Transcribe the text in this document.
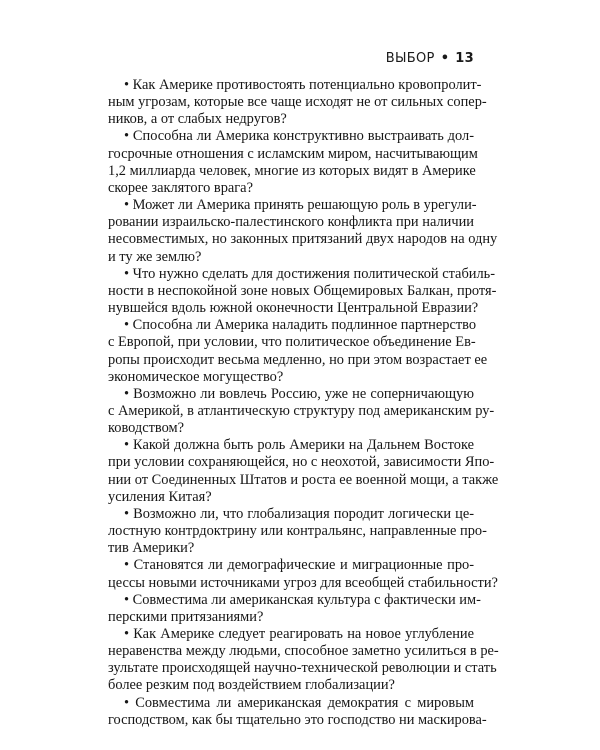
ВЫБОР • 13
• Как Америке противостоять потенциально кровопролит-
ным угрозам, которые все чаще исходят не от сильных сопер-
ников, а от слабых недругов?
• Способна ли Америка конструктивно выстраивать дол-
госрочные отношения с исламским миром, насчитывающим
1,2 миллиарда человек, многие из которых видят в Америке
скорее заклятого врага?
• Может ли Америка принять решающую роль в урегули-
ровании израильско-палестинского конфликта при наличии
несовместимых, но законных притязаний двух народов на одну
и ту же землю?
• Что нужно сделать для достижения политической стабиль-
ности в неспокойной зоне новых Общемировых Балкан, протя-
нувшейся вдоль южной оконечности Центральной Евразии?
• Способна ли Америка наладить подлинное партнерство
с Европой, при условии, что политическое объединение Ев-
ропы происходит весьма медленно, но при этом возрастает ее
экономическое могущество?
• Возможно ли вовлечь Россию, уже не соперничающую
с Америкой, в атлантическую структуру под американским ру-
ководством?
• Какой должна быть роль Америки на Дальнем Востоке
при условии сохраняющейся, но с неохотой, зависимости Япо-
нии от Соединенных Штатов и роста ее военной мощи, а также
усиления Китая?
• Возможно ли, что глобализация породит логически це-
лостную контрдоктрину или контральянс, направленные про-
тив Америки?
• Становятся ли демографические и миграционные про-
цессы новыми источниками угроз для всеобщей стабильности?
• Совместима ли американская культура с фактически им-
перскими притязаниями?
• Как Америке следует реагировать на новое углубление
неравенства между людьми, способное заметно усилиться в ре-
зультате происходящей научно-технической революции и стать
более резким под воздействием глобализации?
• Совместима ли американская демократия с мировым
господством, как бы тщательно это господство ни маскирова-
